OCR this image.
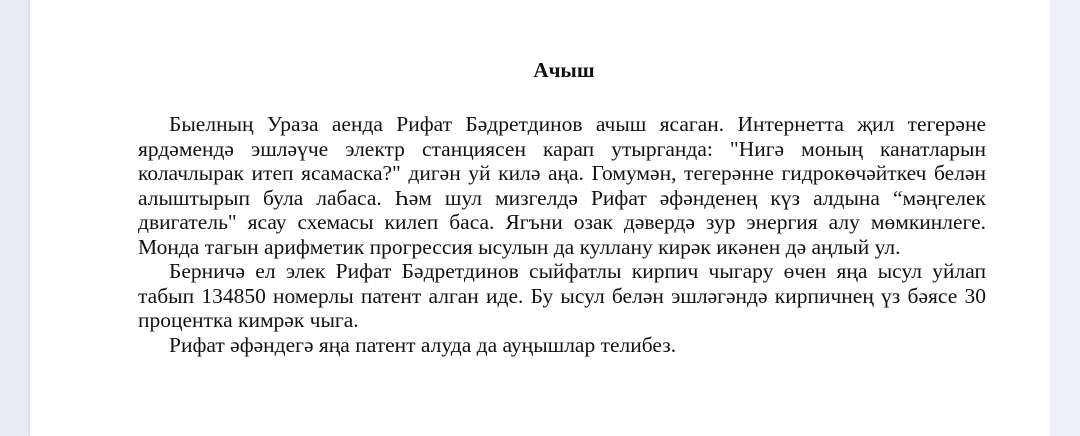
Ачыш

Быелның Ураза аенда Рифат Бәдретдинов ачыш ясаган. Интернетта җил тегерәне ярдәмендә эшләүче электр станциясен карап утырганда: "Нигә моның канатларын колачлырак итеп ясамаска?" дигән уй килә аңа. Гомумән, тегерәнне гидрокөчәйткеч белән алыштырып була лабаса. Һәм шул мизгелдә Рифат әфәнденең күз алдына “мәңгелек двигатель" ясау схемасы килеп баса. Ягъни озак дәвердә зур энергия алу мөмкинлеге. Монда тагын арифметик прогрессия ысулын да куллану кирәк икәнен дә аңлый ул.

Берничә ел элек Рифат Бәдретдинов сыйфатлы кирпич чыгару өчен яңа ысул уйлап табып 134850 номерлы патент алган иде. Бу ысул белән эшләгәндә кирпичнең үз бәясе 30 процентка кимрәк чыга.

Рифат әфәндегә яңа патент алуда да ауңышлар телибез.
